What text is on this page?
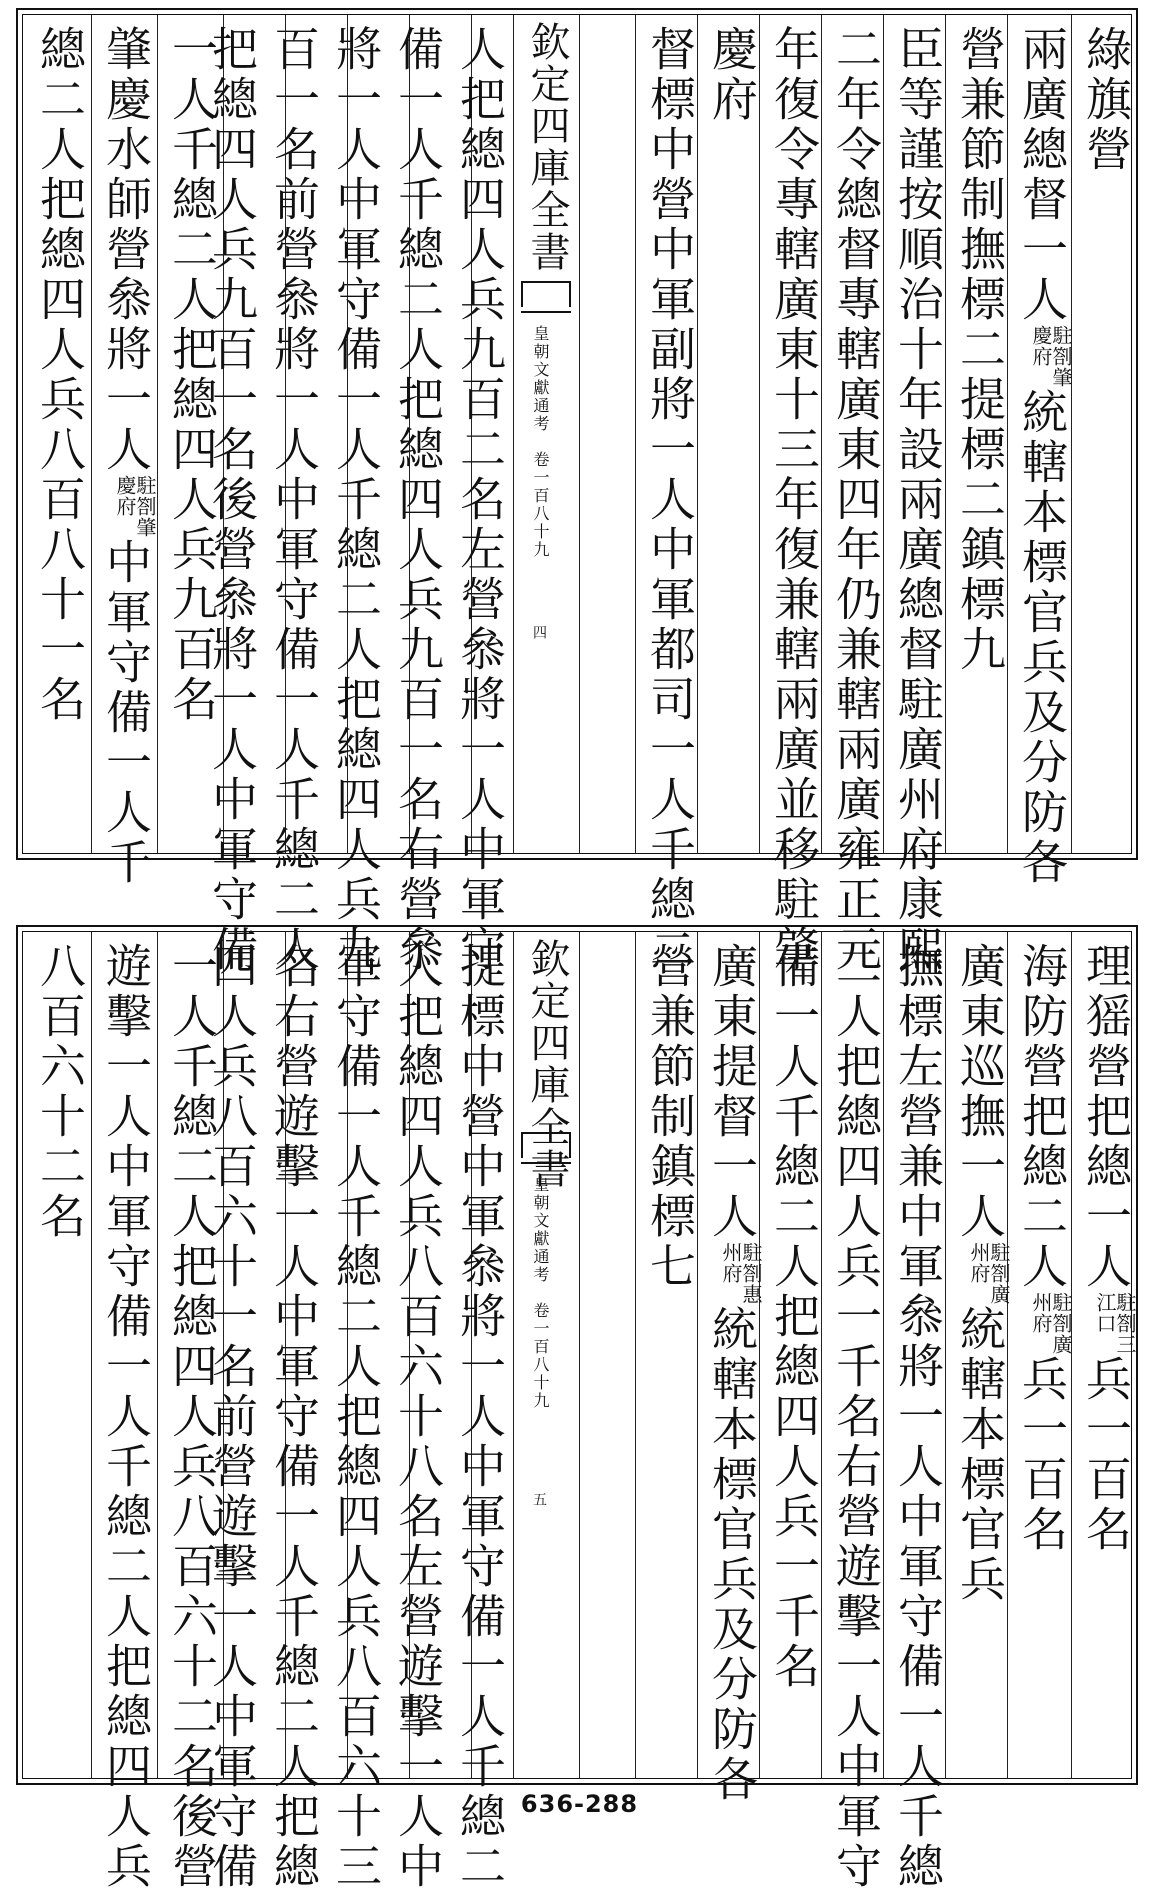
綠旗營
兩廣總督一人
駐劄肇
慶府
統轄本標官兵及分防各
營兼節制撫標二提標二鎮標九
臣等謹按順治十年設兩廣總督駐廣州府康熙
二年令總督專轄廣東四年仍兼轄兩廣雍正元
年復令專轄廣東十三年復兼轄兩廣並移駐肇
慶府
督標中營中軍副將一人中軍都司一人千總二
欽定四庫全書
皇朝文獻通考　卷一百八十九
四
人把總四人兵九百二名左營叅將一人中軍守
備一人千總二人把總四人兵九百一名右營叅
將一人中軍守備一人千總二人把總四人兵九
百一名前營叅將一人中軍守備一人千總二人
把總四人兵九百一名後營叅將一人中軍守備
一人千總二人把總四人兵九百名
肇慶水師營叅將一人
駐劄肇
慶府
中軍守備一人千
總二人把總四人兵八百八十一名
理猺營把總一人
駐劄三
江口
兵一百名
海防營把總二人
駐劄廣
州府
兵一百名
廣東巡撫一人
駐劄廣
州府
統轄本標官兵
撫標左營兼中軍叅將一人中軍守備一人千總
二人把總四人兵一千名右營遊擊一人中軍守
備一人千總二人把總四人兵一千名
廣東提督一人
駐劄惠
州府
統轄本標官兵及分防各
營兼節制鎮標七
欽定四庫全書
皇朝文獻通考　卷一百八十九
五
提標中營中軍叅將一人中軍守備一人千總二
人把總四人兵八百六十八名左營遊擊一人中
軍守備一人千總二人把總四人兵八百六十三
名右營遊擊一人中軍守備一人千總二人把總
四人兵八百六十一名前營遊擊一人中軍守備
一人千總二人把總四人兵八百六十二名後營
遊擊一人中軍守備一人千總二人把總四人兵
八百六十二名
636-288
